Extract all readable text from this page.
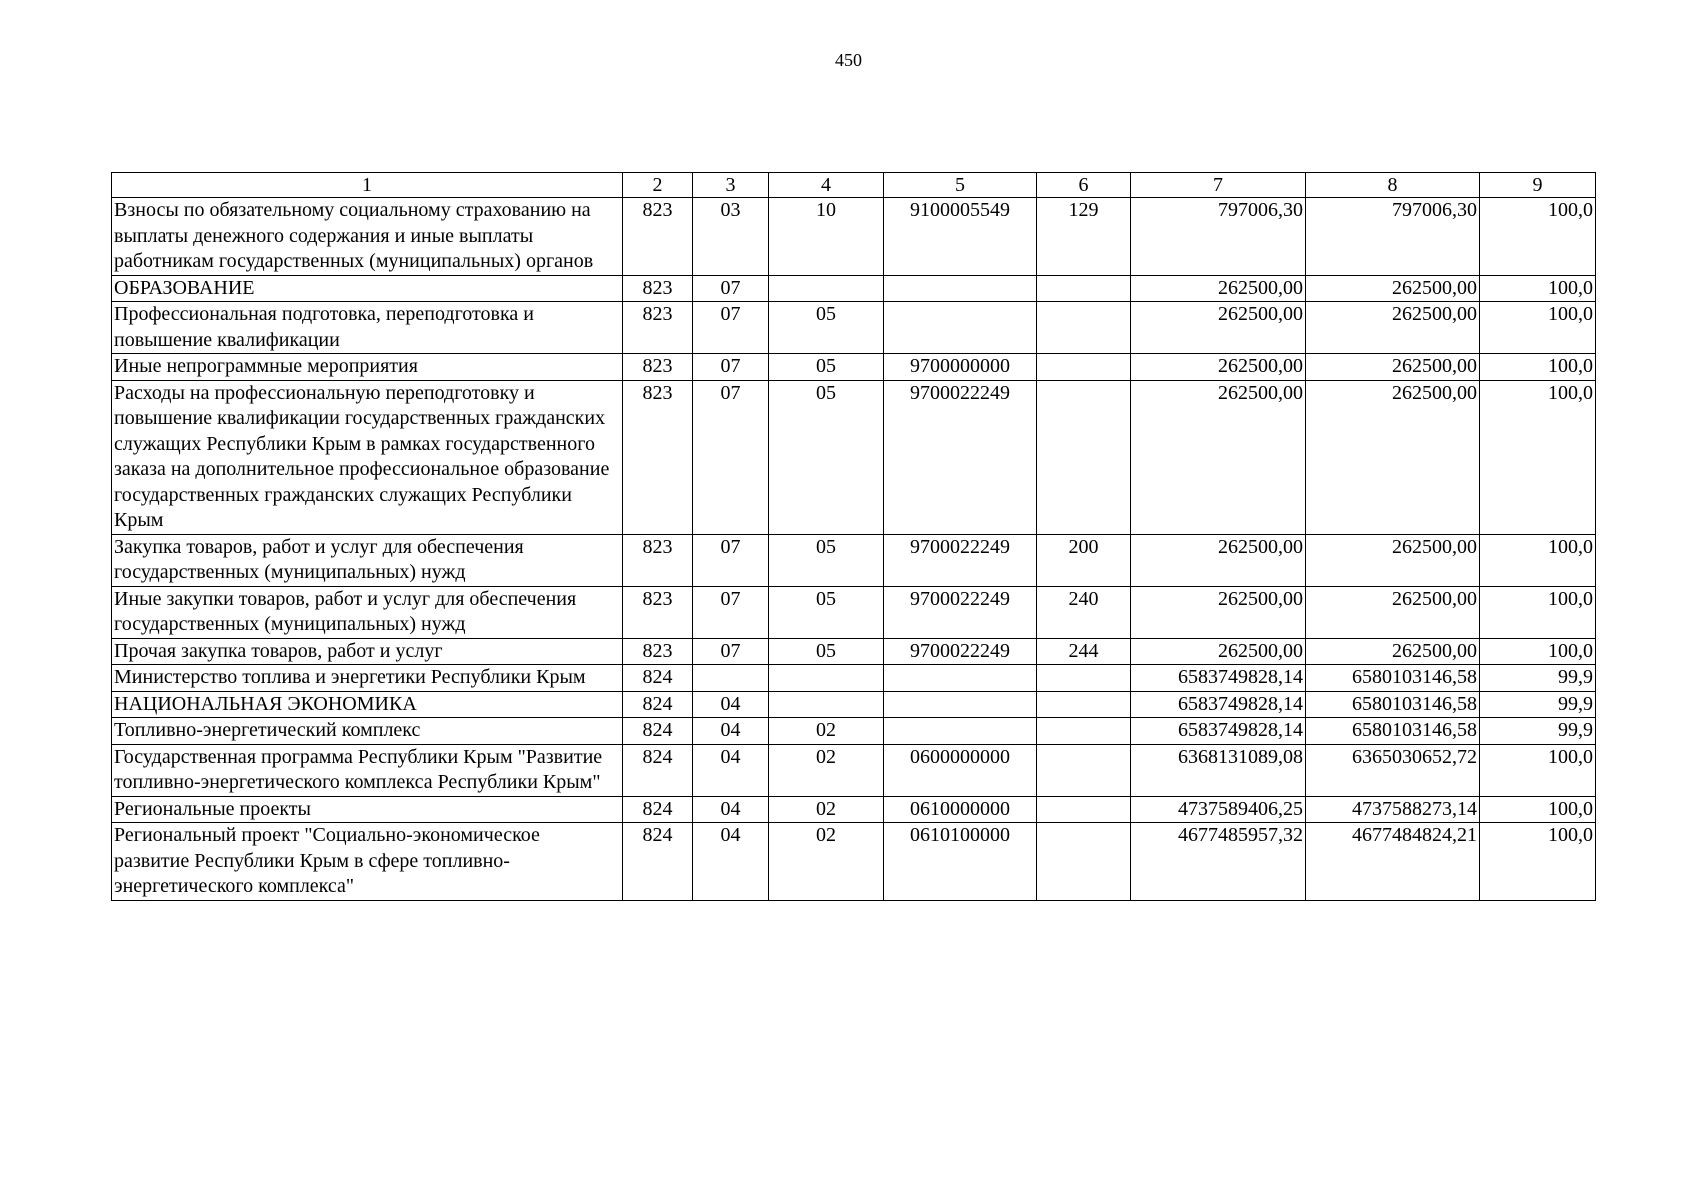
450
1	2	3	4	5	6	7	8	9
Взносы по обязательному социальному страхованию на выплаты денежного содержания и иные выплаты работникам государственных (муниципальных) органов	823	03	10	9100005549	129	797006,30	797006,30	100,0
ОБРАЗОВАНИЕ	823	07				262500,00	262500,00	100,0
Профессиональная подготовка, переподготовка и повышение квалификации	823	07	05			262500,00	262500,00	100,0
Иные непрограммные мероприятия	823	07	05	9700000000		262500,00	262500,00	100,0
Расходы на профессиональную переподготовку и повышение квалификации государственных гражданских служащих Республики Крым в рамках государственного заказа на дополнительное профессиональное образование государственных гражданских служащих Республики Крым	823	07	05	9700022249		262500,00	262500,00	100,0
Закупка товаров, работ и услуг для обеспечения государственных (муниципальных) нужд	823	07	05	9700022249	200	262500,00	262500,00	100,0
Иные закупки товаров, работ и услуг для обеспечения государственных (муниципальных) нужд	823	07	05	9700022249	240	262500,00	262500,00	100,0
Прочая закупка товаров, работ и услуг	823	07	05	9700022249	244	262500,00	262500,00	100,0
Министерство топлива и энергетики Республики Крым	824					6583749828,14	6580103146,58	99,9
НАЦИОНАЛЬНАЯ ЭКОНОМИКА	824	04				6583749828,14	6580103146,58	99,9
Топливно-энергетический комплекс	824	04	02			6583749828,14	6580103146,58	99,9
Государственная программа Республики Крым "Развитие топливно-энергетического комплекса Республики Крым"	824	04	02	0600000000		6368131089,08	6365030652,72	100,0
Региональные проекты	824	04	02	0610000000		4737589406,25	4737588273,14	100,0
Региональный проект "Социально-экономическое развитие Республики Крым в сфере топливно-энергетического комплекса"	824	04	02	0610100000		4677485957,32	4677484824,21	100,0
